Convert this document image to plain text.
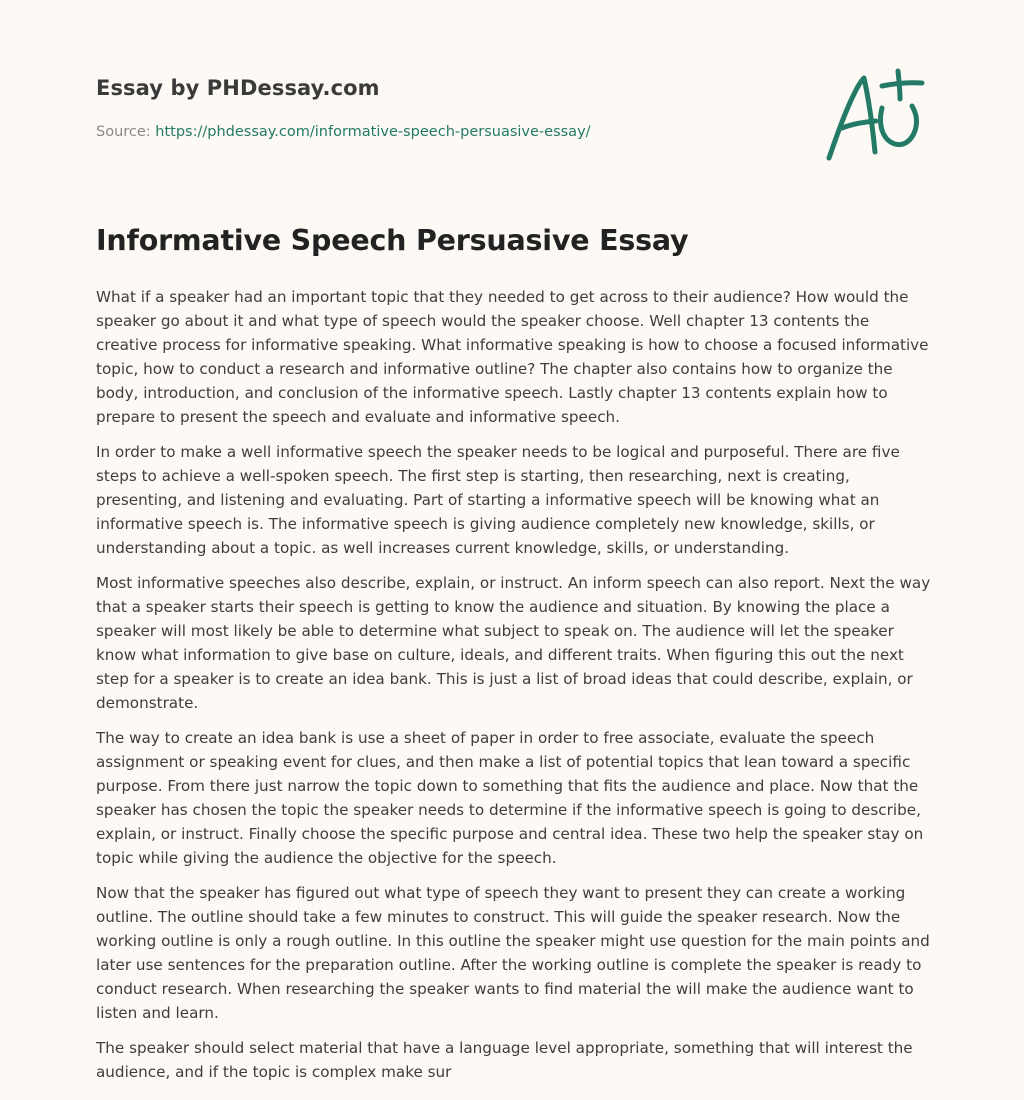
Essay by PHDessay.com
Source: https://phdessay.com/informative-speech-persuasive-essay/
Informative Speech Persuasive Essay

What if a speaker had an important topic that they needed to get across to their audience? How would the speaker go about it and what type of speech would the speaker choose. Well chapter 13 contents the creative process for informative speaking. What informative speaking is how to choose a focused informative topic, how to conduct a research and informative outline? The chapter also contains how to organize the body, introduction, and conclusion of the informative speech. Lastly chapter 13 contents explain how to prepare to present the speech and evaluate and informative speech.

In order to make a well informative speech the speaker needs to be logical and purposeful. There are five steps to achieve a well-spoken speech. The first step is starting, then researching, next is creating, presenting, and listening and evaluating. Part of starting a informative speech will be knowing what an informative speech is. The informative speech is giving audience completely new knowledge, skills, or understanding about a topic. as well increases current knowledge, skills, or understanding.

Most informative speeches also describe, explain, or instruct. An inform speech can also report. Next the way that a speaker starts their speech is getting to know the audience and situation. By knowing the place a speaker will most likely be able to determine what subject to speak on. The audience will let the speaker know what information to give base on culture, ideals, and different traits. When figuring this out the next step for a speaker is to create an idea bank. This is just a list of broad ideas that could describe, explain, or demonstrate.

The way to create an idea bank is use a sheet of paper in order to free associate, evaluate the speech assignment or speaking event for clues, and then make a list of potential topics that lean toward a specific purpose. From there just narrow the topic down to something that fits the audience and place. Now that the speaker has chosen the topic the speaker needs to determine if the informative speech is going to describe, explain, or instruct. Finally choose the specific purpose and central idea. These two help the speaker stay on topic while giving the audience the objective for the speech.

Now that the speaker has figured out what type of speech they want to present they can create a working outline. The outline should take a few minutes to construct. This will guide the speaker research. Now the working outline is only a rough outline. In this outline the speaker might use question for the main points and later use sentences for the preparation outline. After the working outline is complete the speaker is ready to conduct research. When researching the speaker wants to find material the will make the audience want to listen and learn.

The speaker should select material that have a language level appropriate, something that will interest the audience, and if the topic is complex make sur
